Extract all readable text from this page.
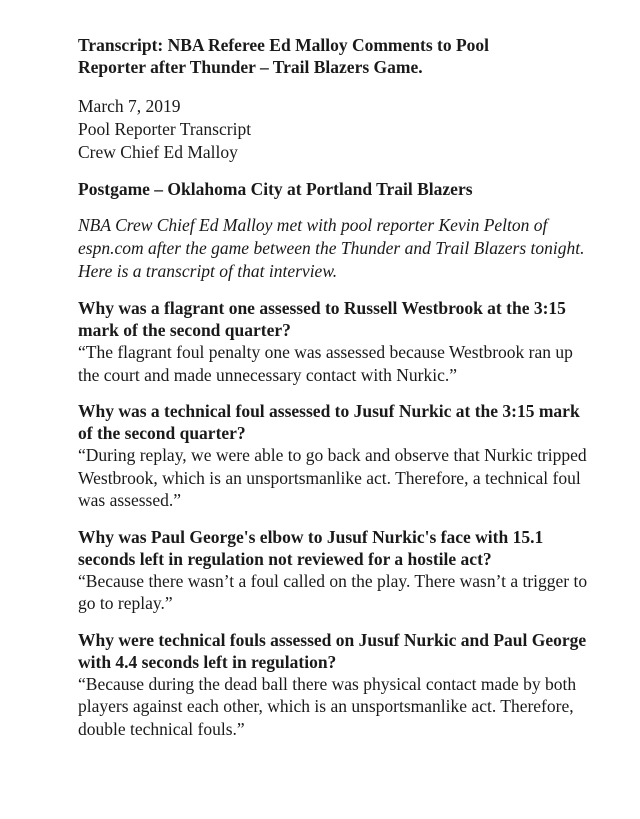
Transcript: NBA Referee Ed Malloy Comments to Pool Reporter after Thunder – Trail Blazers Game.
March 7, 2019
Pool Reporter Transcript
Crew Chief Ed Malloy
Postgame – Oklahoma City at Portland Trail Blazers
NBA Crew Chief Ed Malloy met with pool reporter Kevin Pelton of espn.com after the game between the Thunder and Trail Blazers tonight. Here is a transcript of that interview.
Why was a flagrant one assessed to Russell Westbrook at the 3:15 mark of the second quarter?
“The flagrant foul penalty one was assessed because Westbrook ran up the court and made unnecessary contact with Nurkic.”
Why was a technical foul assessed to Jusuf Nurkic at the 3:15 mark of the second quarter?
“During replay, we were able to go back and observe that Nurkic tripped Westbrook, which is an unsportsmanlike act. Therefore, a technical foul was assessed.”
Why was Paul George's elbow to Jusuf Nurkic's face with 15.1 seconds left in regulation not reviewed for a hostile act?
“Because there wasn’t a foul called on the play. There wasn’t a trigger to go to replay.”
Why were technical fouls assessed on Jusuf Nurkic and Paul George with 4.4 seconds left in regulation?
“Because during the dead ball there was physical contact made by both players against each other, which is an unsportsmanlike act. Therefore, double technical fouls.”
